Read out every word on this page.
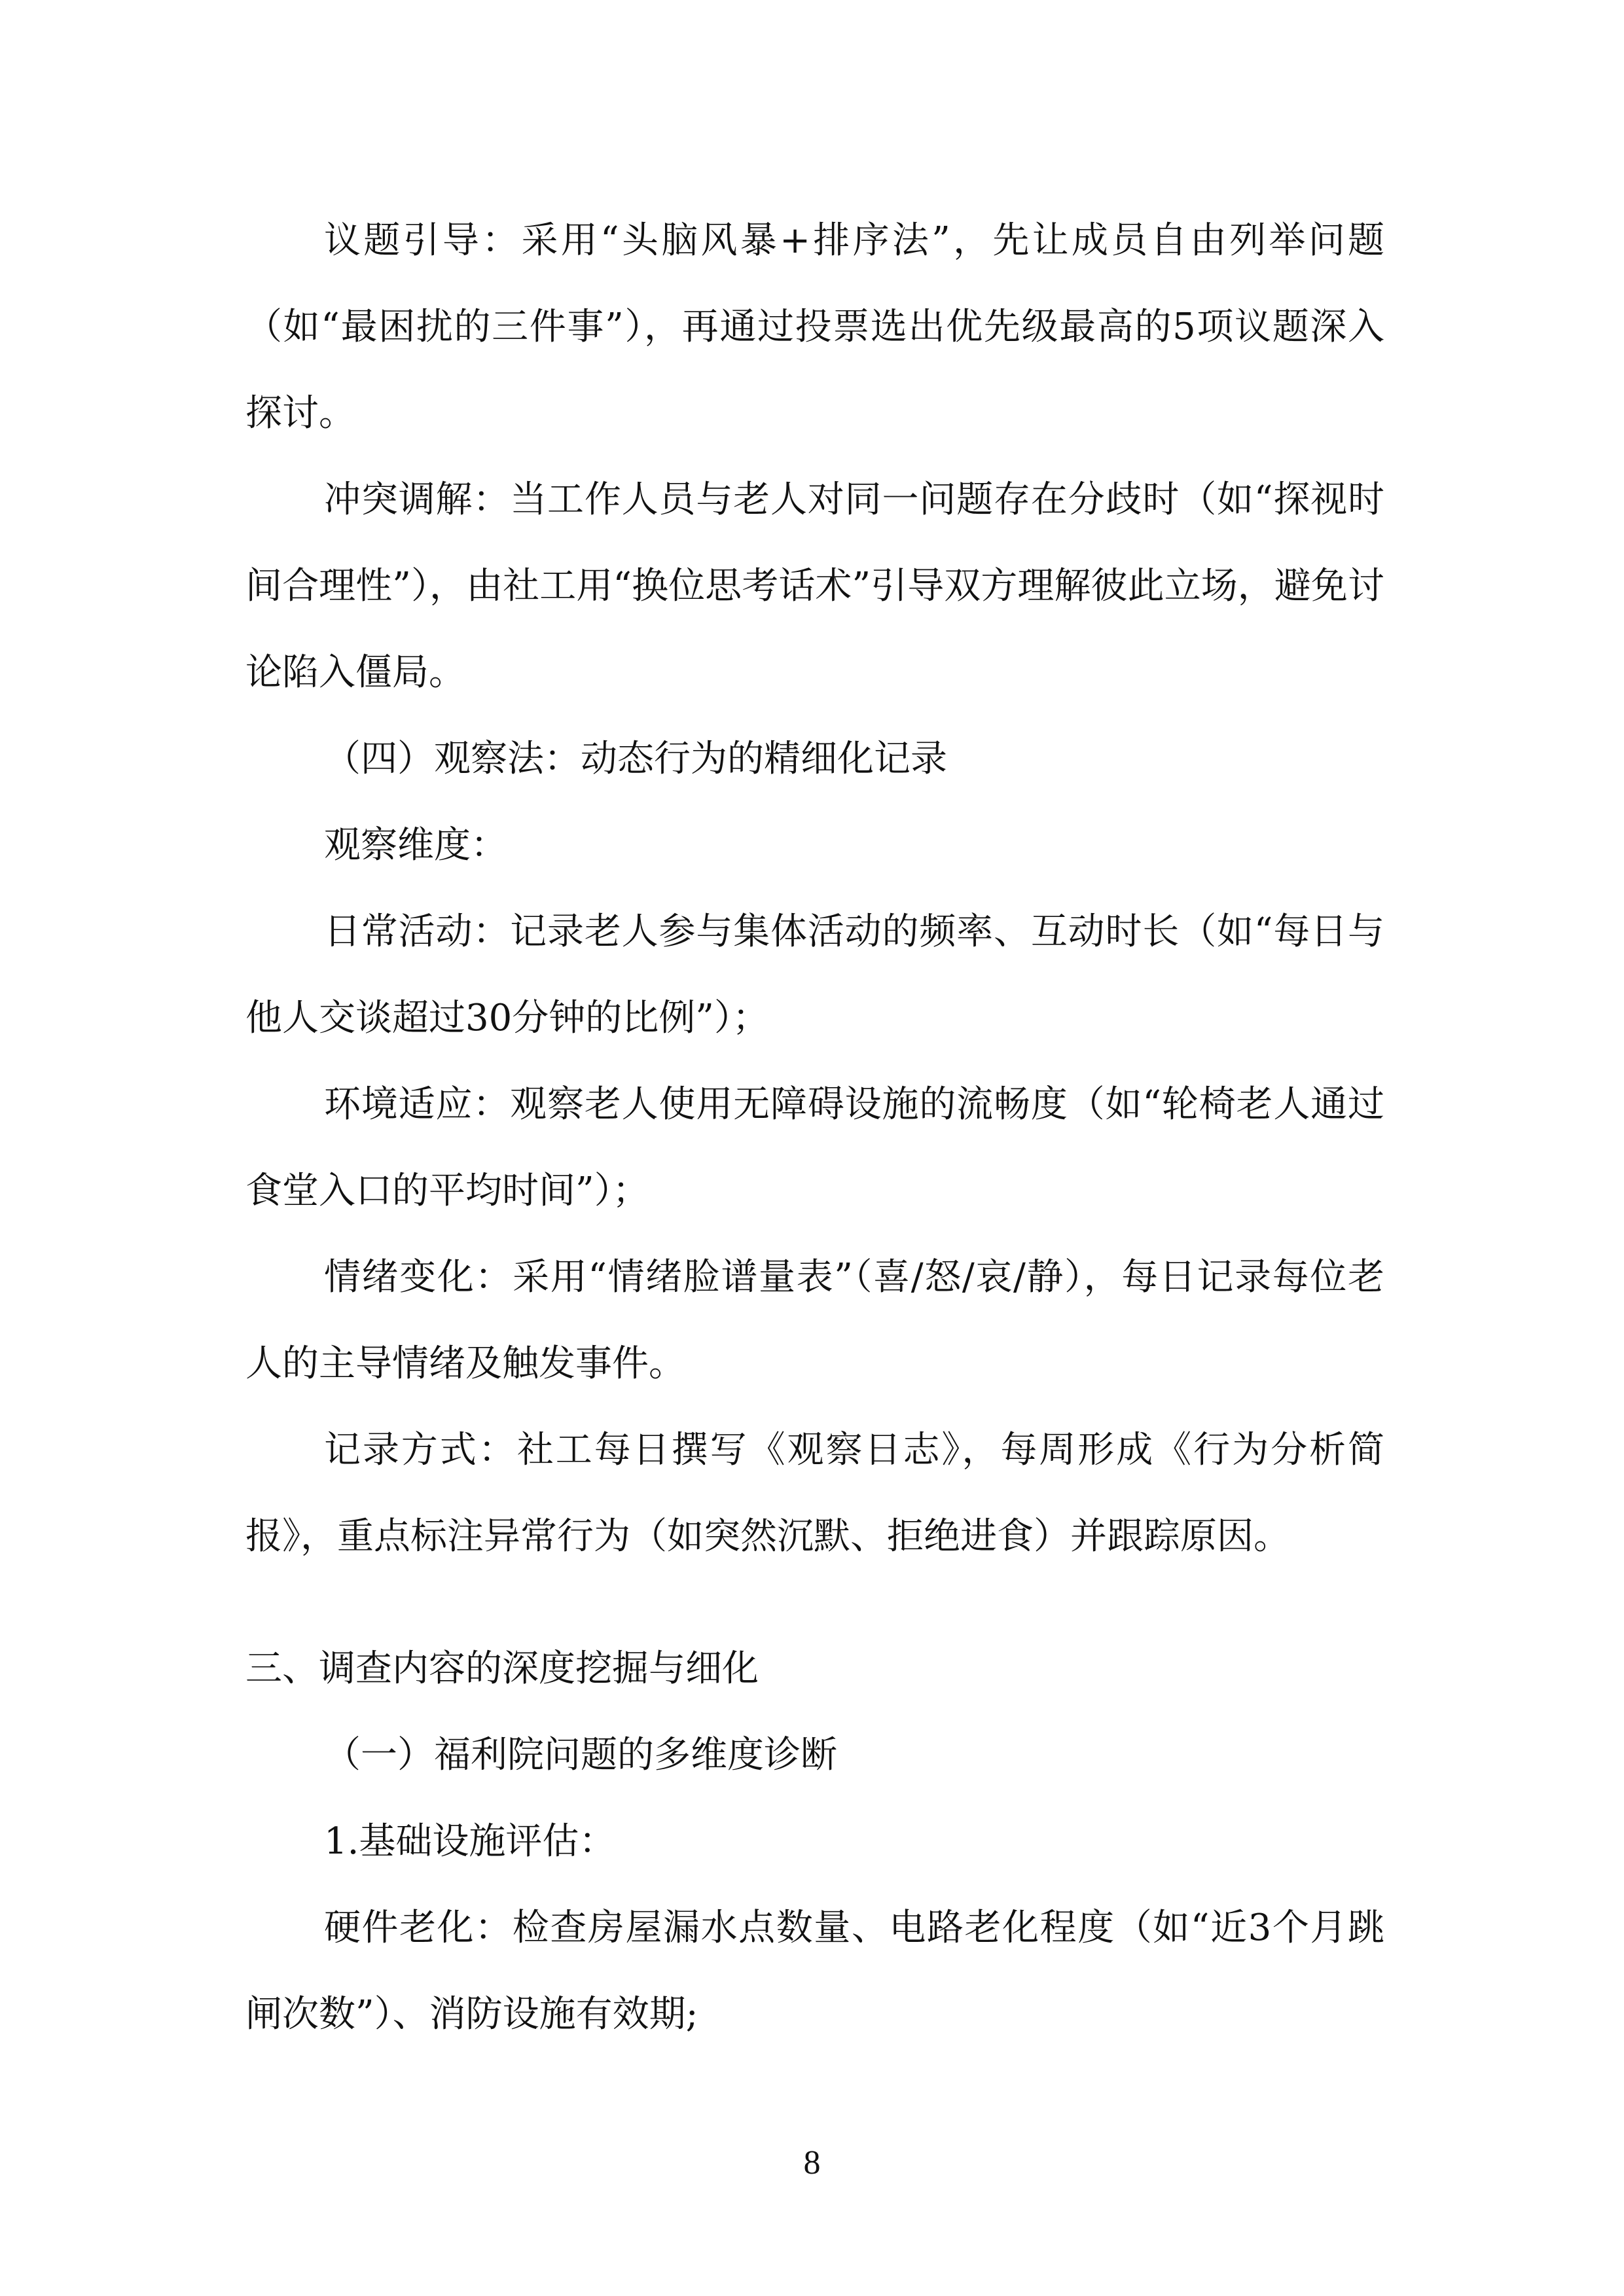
议题引导：采用“头脑风暴+排序法”，先让成员自由列举问题（如“最困扰的三件事”），再通过投票选出优先级最高的5项议题深入探讨。

冲突调解：当工作人员与老人对同一问题存在分歧时（如“探视时间合理性”），由社工用“换位思考话术”引导双方理解彼此立场，避免讨论陷入僵局。

（四）观察法：动态行为的精细化记录

观察维度：

日常活动：记录老人参与集体活动的频率、互动时长（如“每日与他人交谈超过30分钟的比例”）；

环境适应：观察老人使用无障碍设施的流畅度（如“轮椅老人通过食堂入口的平均时间”）；

情绪变化：采用“情绪脸谱量表”（喜/怒/哀/静），每日记录每位老人的主导情绪及触发事件。

记录方式：社工每日撰写《观察日志》，每周形成《行为分析简报》，重点标注异常行为（如突然沉默、拒绝进食）并跟踪原因。

三、调查内容的深度挖掘与细化

（一）福利院问题的多维度诊断

1.基础设施评估：

硬件老化：检查房屋漏水点数量、电路老化程度（如“近3个月跳闸次数”）、消防设施有效期;

8
